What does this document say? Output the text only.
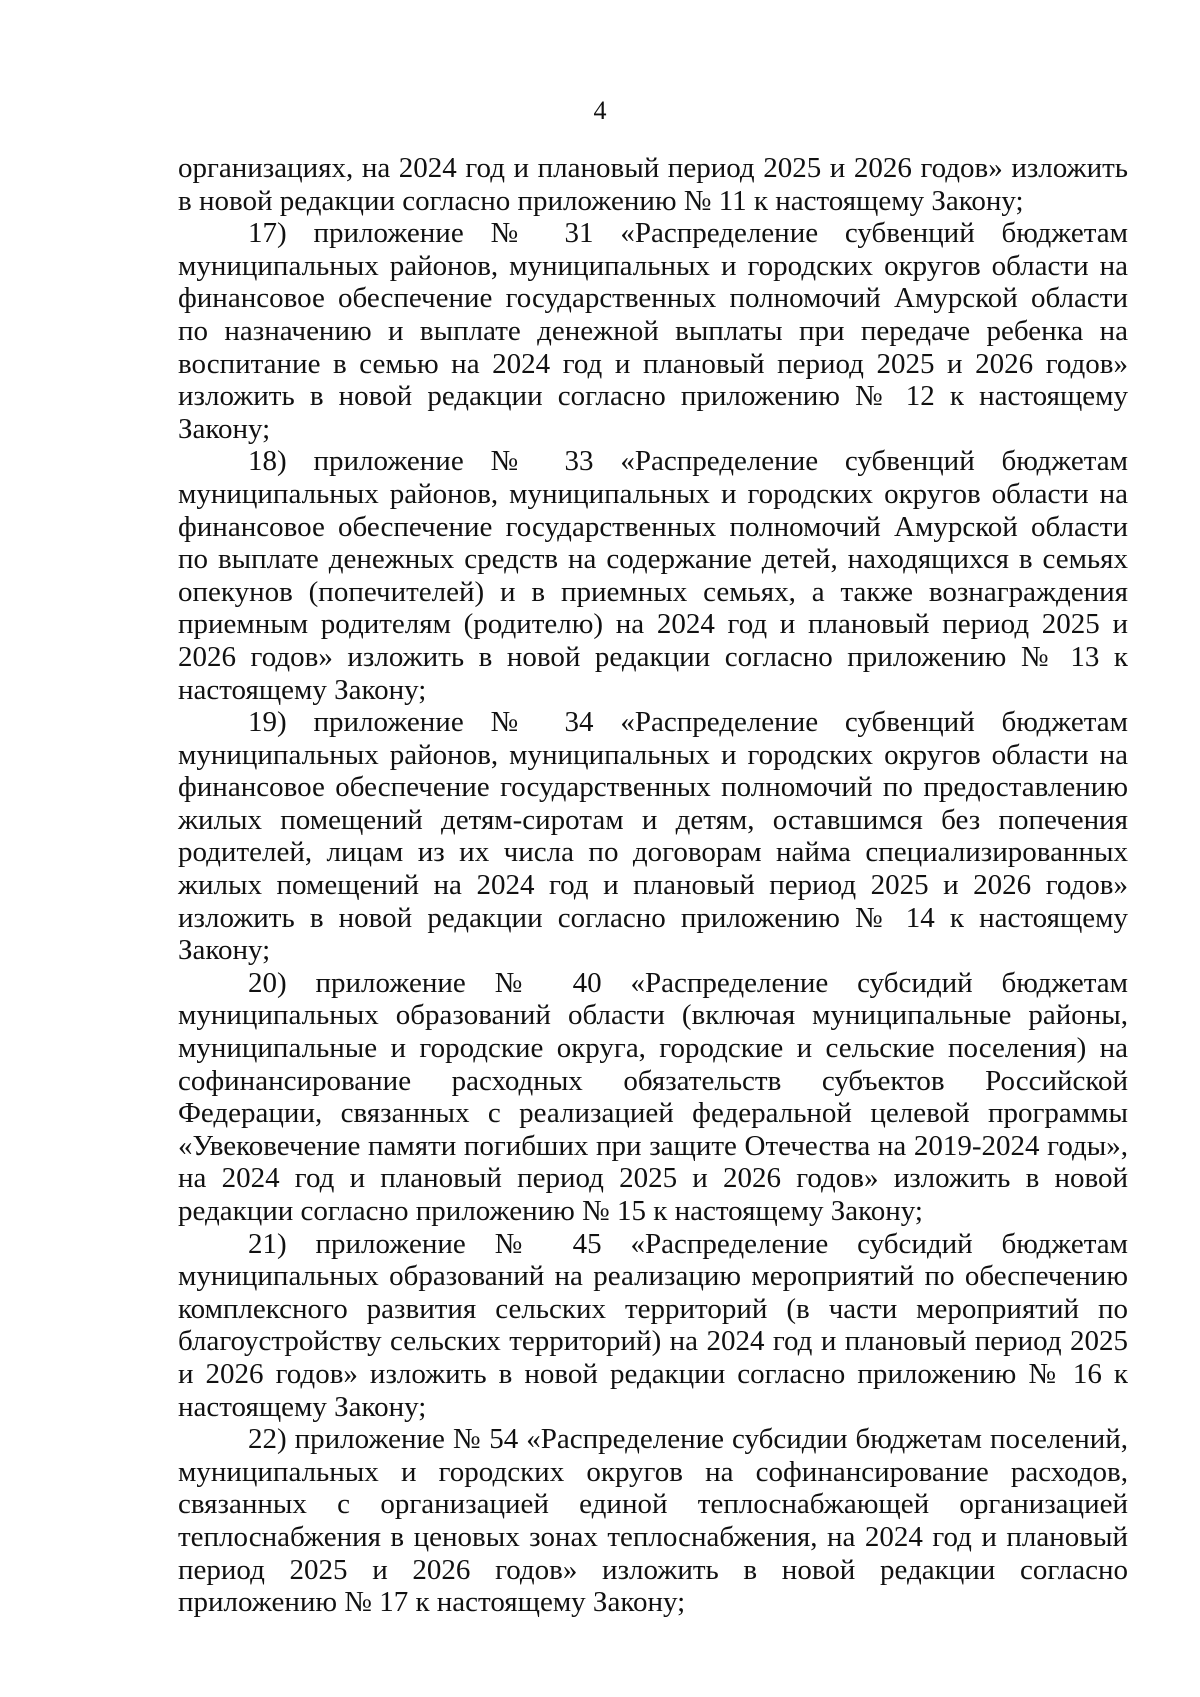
4

организациях, на 2024 год и плановый период 2025 и 2026 годов» изложить в новой редакции согласно приложению № 11 к настоящему Закону;

17) приложение № 31 «Распределение субвенций бюджетам муниципальных районов, муниципальных и городских округов области на финансовое обеспечение государственных полномочий Амурской области по назначению и выплате денежной выплаты при передаче ребенка на воспитание в семью на 2024 год и плановый период 2025 и 2026 годов» изложить в новой редакции согласно приложению № 12 к настоящему Закону;

18) приложение № 33 «Распределение субвенций бюджетам муниципальных районов, муниципальных и городских округов области на финансовое обеспечение государственных полномочий Амурской области по выплате денежных средств на содержание детей, находящихся в семьях опекунов (попечителей) и в приемных семьях, а также вознаграждения приемным родителям (родителю) на 2024 год и плановый период 2025 и 2026 годов» изложить в новой редакции согласно приложению № 13 к настоящему Закону;

19) приложение № 34 «Распределение субвенций бюджетам муниципальных районов, муниципальных и городских округов области на финансовое обеспечение государственных полномочий по предоставлению жилых помещений детям-сиротам и детям, оставшимся без попечения родителей, лицам из их числа по договорам найма специализированных жилых помещений на 2024 год и плановый период 2025 и 2026 годов» изложить в новой редакции согласно приложению № 14 к настоящему Закону;

20) приложение № 40 «Распределение субсидий бюджетам муниципальных образований области (включая муниципальные районы, муниципальные и городские округа, городские и сельские поселения) на софинансирование расходных обязательств субъектов Российской Федерации, связанных с реализацией федеральной целевой программы «Увековечение памяти погибших при защите Отечества на 2019-2024 годы», на 2024 год и плановый период 2025 и 2026 годов» изложить в новой редакции согласно приложению № 15 к настоящему Закону;

21) приложение № 45 «Распределение субсидий бюджетам муниципальных образований на реализацию мероприятий по обеспечению комплексного развития сельских территорий (в части мероприятий по благоустройству сельских территорий) на 2024 год и плановый период 2025 и 2026 годов» изложить в новой редакции согласно приложению № 16 к настоящему Закону;

22) приложение № 54 «Распределение субсидии бюджетам поселений, муниципальных и городских округов на софинансирование расходов, связанных с организацией единой теплоснабжающей организацией теплоснабжения в ценовых зонах теплоснабжения, на 2024 год и плановый период 2025 и 2026 годов» изложить в новой редакции согласно приложению № 17 к настоящему Закону;
